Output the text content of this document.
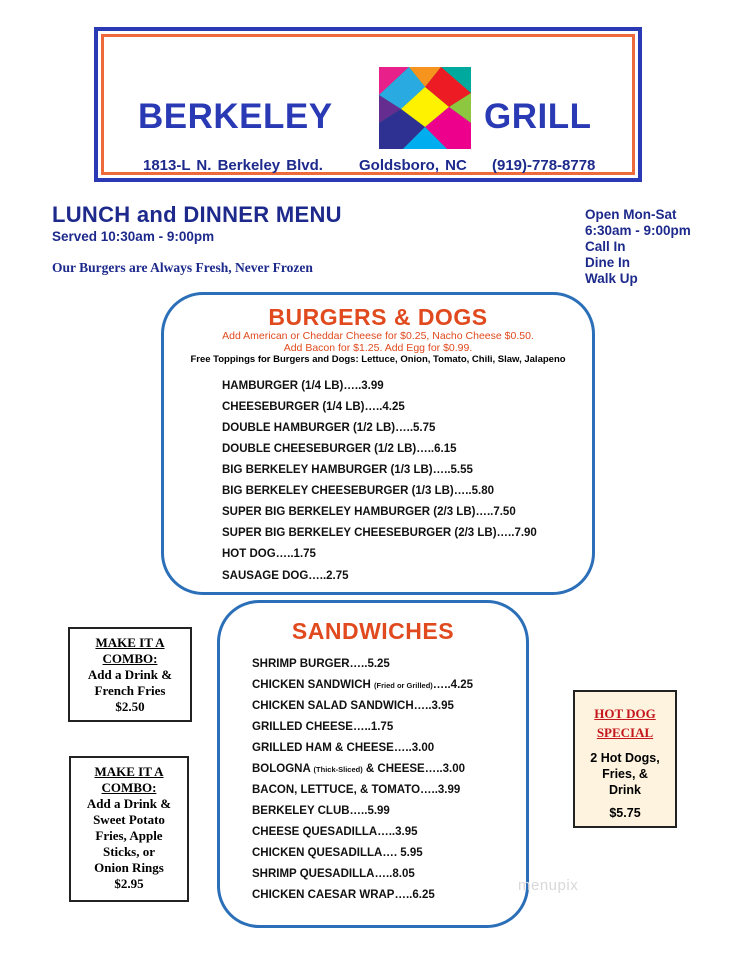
BERKELEY	GRILL
1813-L N. Berkeley Blvd. Goldsboro, NC (919)-778-8778
LUNCH and DINNER MENU
Served 10:30am - 9:00pm
Our Burgers are Always Fresh, Never Frozen
Open Mon-Sat
6:30am - 9:00pm
Call In
Dine In
Walk Up
BURGERS & DOGS
Add American or Cheddar Cheese for $0.25, Nacho Cheese $0.50.
Add Bacon for $1.25. Add Egg for $0.99.
Free Toppings for Burgers and Dogs: Lettuce, Onion, Tomato, Chili, Slaw, Jalapeno
HAMBURGER (1/4 LB)…..3.99
CHEESEBURGER (1/4 LB)…..4.25
DOUBLE HAMBURGER (1/2 LB)…..5.75
DOUBLE CHEESEBURGER (1/2 LB)…..6.15
BIG BERKELEY HAMBURGER (1/3 LB)…..5.55
BIG BERKELEY CHEESEBURGER (1/3 LB)…..5.80
SUPER BIG BERKELEY HAMBURGER (2/3 LB)…..7.50
SUPER BIG BERKELEY CHEESEBURGER (2/3 LB)…..7.90
HOT DOG…..1.75
SAUSAGE DOG…..2.75
SANDWICHES
SHRIMP BURGER…..5.25
CHICKEN SANDWICH (Fried or Grilled)…..4.25
CHICKEN SALAD SANDWICH…..3.95
GRILLED CHEESE…..1.75
GRILLED HAM & CHEESE…..3.00
BOLOGNA (Thick-Sliced) & CHEESE…..3.00
BACON, LETTUCE, & TOMATO…..3.99
BERKELEY CLUB…..5.99
CHEESE QUESADILLA…..3.95
CHICKEN QUESADILLA…. 5.95
SHRIMP QUESADILLA…..8.05
CHICKEN CAESAR WRAP…..6.25
MAKE IT A
COMBO:
Add a Drink &
French Fries
$2.50
MAKE IT A
COMBO:
Add a Drink &
Sweet Potato
Fries, Apple
Sticks, or
Onion Rings
$2.95
HOT DOG
SPECIAL
2 Hot Dogs,
Fries, &
Drink
$5.75
menupix
